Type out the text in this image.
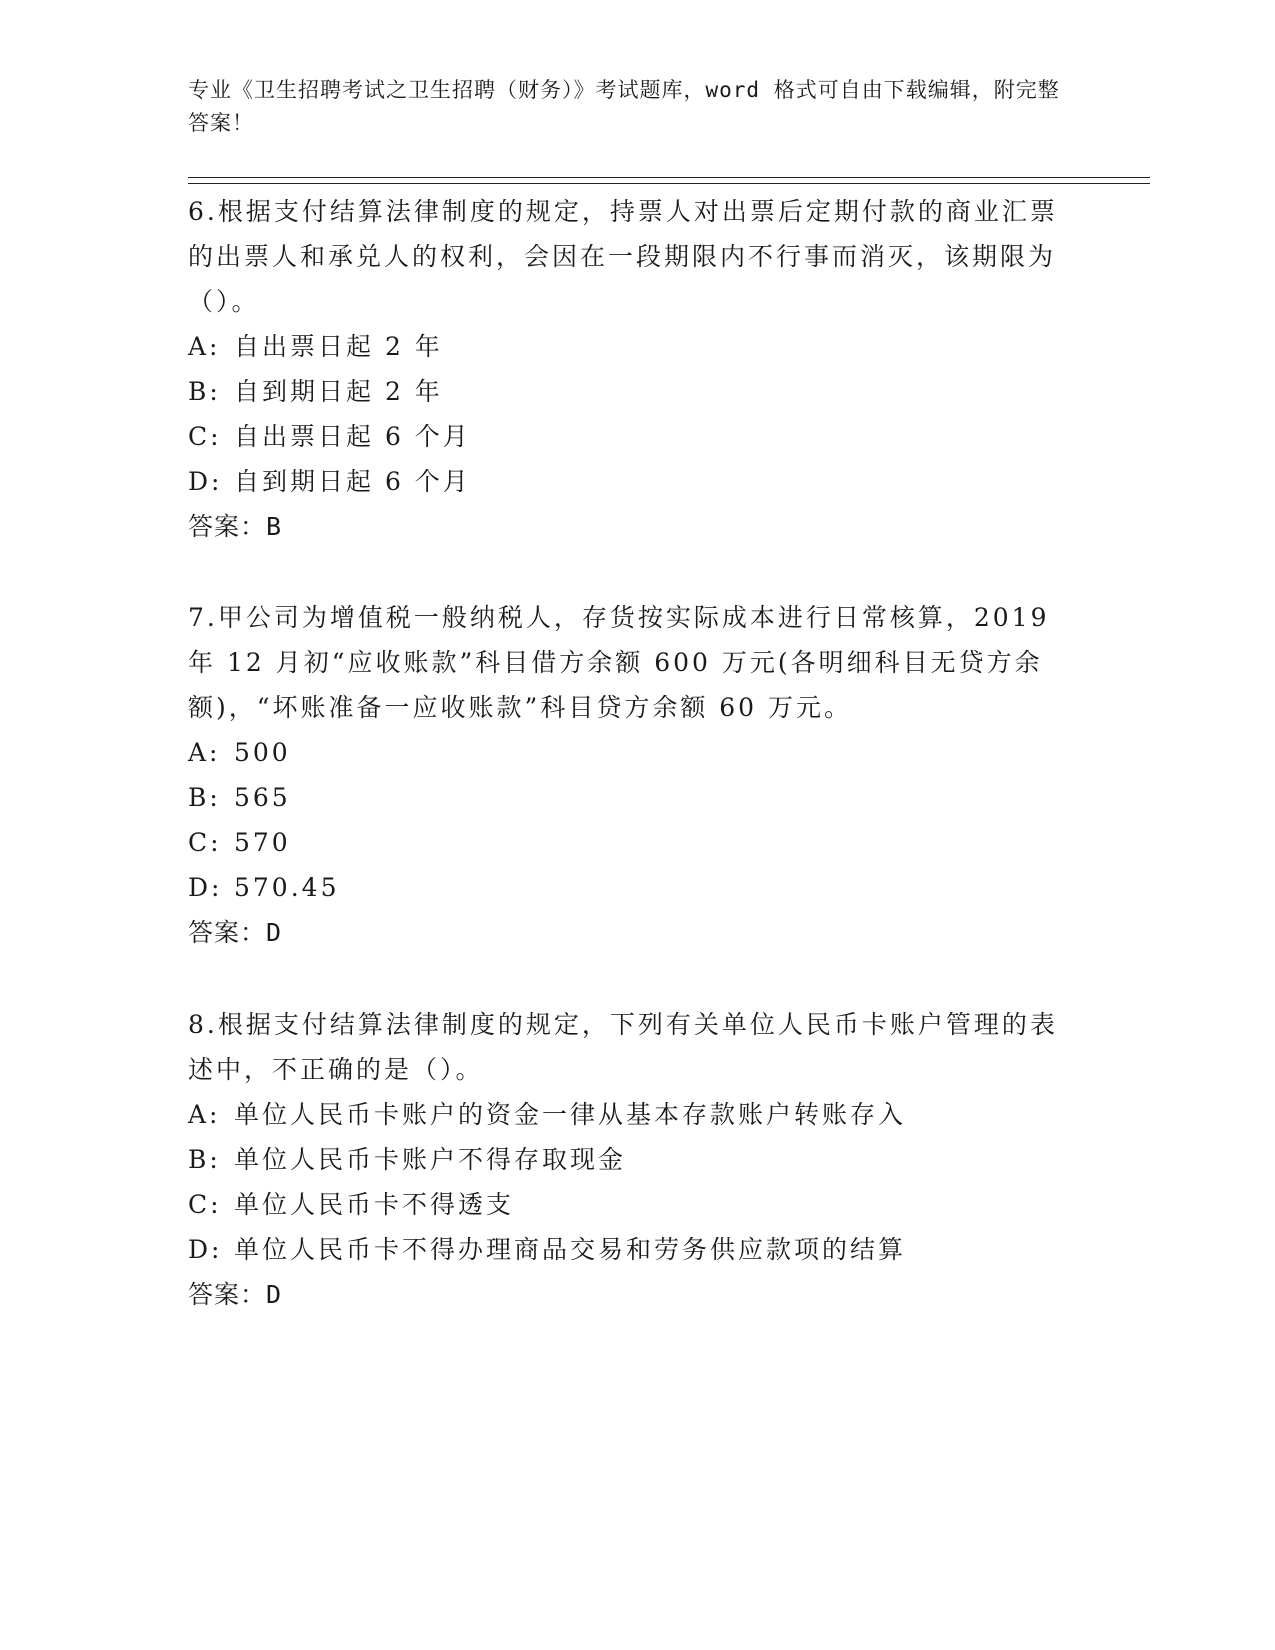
专业《卫生招聘考试之卫生招聘（财务）》考试题库，word 格式可自由下载编辑，附完整答案！

6.根据支付结算法律制度的规定，持票人对出票后定期付款的商业汇票的出票人和承兑人的权利，会因在一段期限内不行事而消灭，该期限为（）。

A: 自出票日起 2 年

B: 自到期日起 2 年

C: 自出票日起 6 个月

D: 自到期日起 6 个月

答案：B

7.甲公司为增值税一般纳税人，存货按实际成本进行日常核算，2019 年 12 月初“应收账款”科目借方余额 600 万元(各明细科目无贷方余额)，“坏账准备一应收账款”科目贷方余额 60 万元。

A: 500

B: 565

C: 570

D: 570.45

答案：D

8.根据支付结算法律制度的规定，下列有关单位人民币卡账户管理的表述中，不正确的是（）。

A: 单位人民币卡账户的资金一律从基本存款账户转账存入

B: 单位人民币卡账户不得存取现金

C: 单位人民币卡不得透支

D: 单位人民币卡不得办理商品交易和劳务供应款项的结算

答案：D
